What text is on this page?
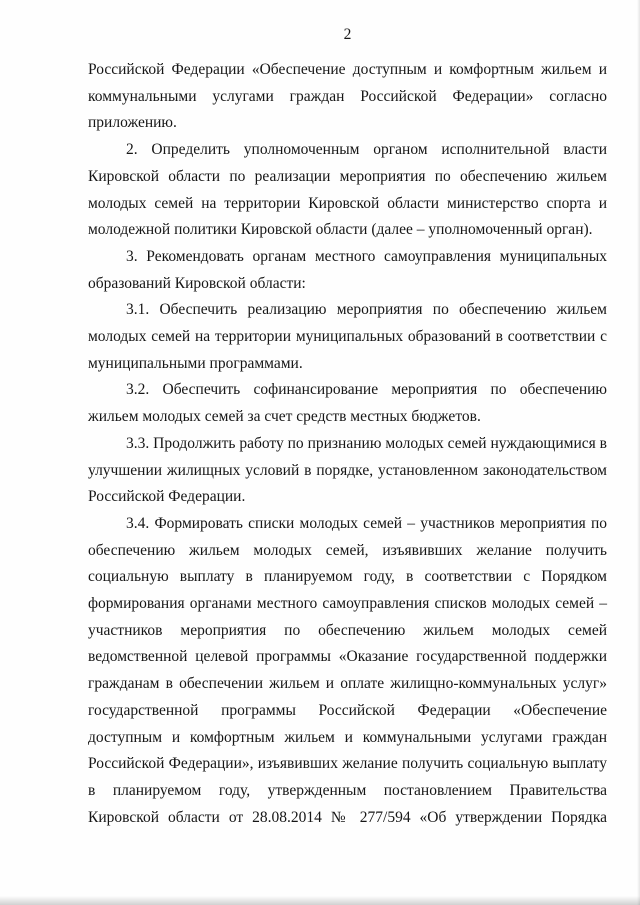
2

Российской Федерации «Обеспечение доступным и комфортным жильем и коммунальными услугами граждан Российской Федерации» согласно приложению.

2. Определить уполномоченным органом исполнительной власти Кировской области по реализации мероприятия по обеспечению жильем молодых семей на территории Кировской области министерство спорта и молодежной политики Кировской области (далее – уполномоченный орган).

3. Рекомендовать органам местного самоуправления муниципальных образований Кировской области:

3.1. Обеспечить реализацию мероприятия по обеспечению жильем молодых семей на территории муниципальных образований в соответствии с муниципальными программами.

3.2. Обеспечить софинансирование мероприятия по обеспечению жильем молодых семей за счет средств местных бюджетов.

3.3. Продолжить работу по признанию молодых семей нуждающимися в улучшении жилищных условий в порядке, установленном законодательством Российской Федерации.

3.4. Формировать списки молодых семей – участников мероприятия по обеспечению жильем молодых семей, изъявивших желание получить социальную выплату в планируемом году, в соответствии с Порядком формирования органами местного самоуправления списков молодых семей – участников мероприятия по обеспечению жильем молодых семей ведомственной целевой программы «Оказание государственной поддержки гражданам в обеспечении жильем и оплате жилищно-коммунальных услуг» государственной программы Российской Федерации «Обеспечение доступным и комфортным жильем и коммунальными услугами граждан Российской Федерации», изъявивших желание получить социальную выплату в планируемом году, утвержденным постановлением Правительства Кировской области от 28.08.2014 № 277/594 «Об утверждении Порядка
